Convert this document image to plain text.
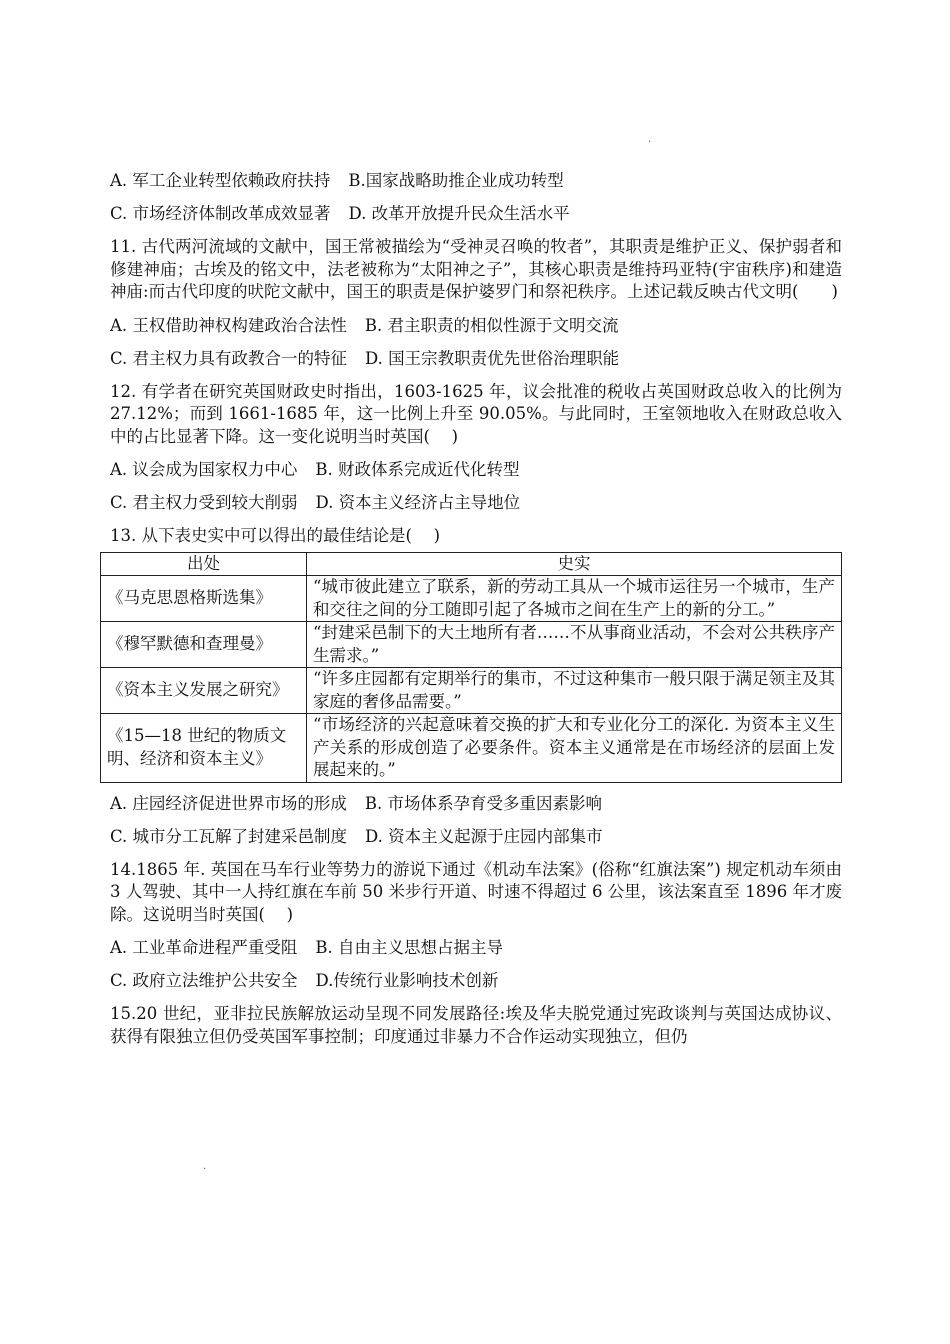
.
A. 军工企业转型依赖政府扶持 B.国家战略助推企业成功转型
C. 市场经济体制改革成效显著 D. 改革开放提升民众生活水平

11. 古代两河流域的文献中，国王常被描绘为“受神灵召唤的牧者”，其职责是维护正义、保护弱者和修建神庙；古埃及的铭文中，法老被称为“太阳神之子”，其核心职责是维持玛亚特(宇宙秩序)和建造神庙:而古代印度的吠陀文献中，国王的职责是保护婆罗门和祭祀秩序。上述记载反映古代文明(　　)

A. 王权借助神权构建政治合法性 B. 君主职责的相似性源于文明交流
C. 君主权力具有政教合一的特征 D. 国王宗教职责优先世俗治理职能

12. 有学者在研究英国财政史时指出，1603-1625 年，议会批准的税收占英国财政总收入的比例为 27.12%；而到 1661-1685 年，这一比例上升至 90.05%。与此同时，王室领地收入在财政总收入中的占比显著下降。这一变化说明当时英国(　 )

A. 议会成为国家权力中心 B. 财政体系完成近代化转型
C. 君主权力受到较大削弱 D. 资本主义经济占主导地位

13. 从下表史实中可以得出的最佳结论是(　 )

出处	史实
《马克思恩格斯选集》	“城市彼此建立了联系，新的劳动工具从一个城市运往另一个城市，生产和交往之间的分工随即引起了各城市之间在生产上的新的分工。”
《穆罕默德和查理曼》	“封建采邑制下的大土地所有者……不从事商业活动，不会对公共秩序产生需求。”
《资本主义发展之研究》	“许多庄园都有定期举行的集市，不过这种集市一般只限于满足领主及其家庭的奢侈品需要。”
《15—18 世纪的物质文明、经济和资本主义》	“市场经济的兴起意味着交换的扩大和专业化分工的深化. 为资本主义生产关系的形成创造了必要条件。资本主义通常是在市场经济的层面上发展起来的。”
A. 庄园经济促进世界市场的形成 B. 市场体系孕育受多重因素影响
C. 城市分工瓦解了封建采邑制度 D. 资本主义起源于庄园内部集市

14.1865 年. 英国在马车行业等势力的游说下通过《机动车法案》(俗称“红旗法案”) 规定机动车须由 3 人驾驶、其中一人持红旗在车前 50 米步行开道、时速不得超过 6 公里，该法案直至 1896 年才废除。这说明当时英国(　 )

A. 工业革命进程严重受阻 B. 自由主义思想占据主导
C. 政府立法维护公共安全 D.传统行业影响技术创新

15.20 世纪，亚非拉民族解放运动呈现不同发展路径:埃及华夫脱党通过宪政谈判与英国达成协议、获得有限独立但仍受英国军事控制；印度通过非暴力不合作运动实现独立，但仍

.
